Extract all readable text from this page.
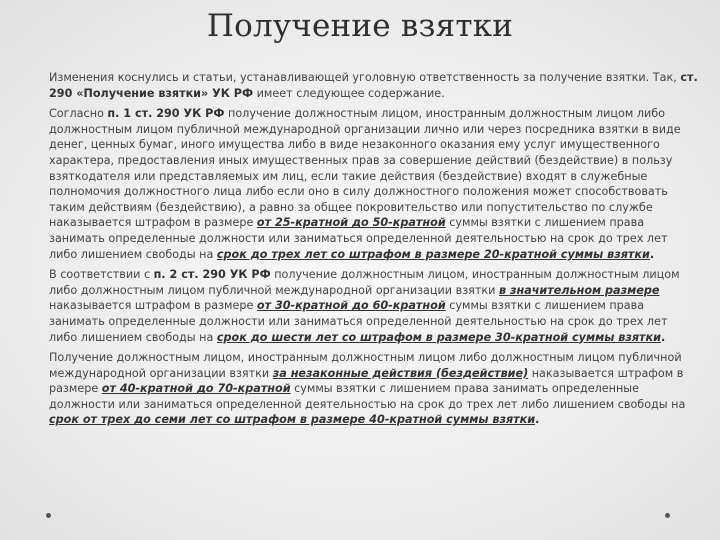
Получение взятки

Изменения коснулись и статьи, устанавливающей уголовную ответственность за получение взятки. Так, ст. 290 «Получение взятки» УК РФ имеет следующее содержание.

Согласно п. 1 ст. 290 УК РФ получение должностным лицом, иностранным должностным лицом либо должностным лицом публичной международной организации лично или через посредника взятки в виде денег, ценных бумаг, иного имущества либо в виде незаконного оказания ему услуг имущественного характера, предоставления иных имущественных прав за совершение действий (бездействие) в пользу взяткодателя или представляемых им лиц, если такие действия (бездействие) входят в служебные полномочия должностного лица либо если оно в силу должностного положения может способствовать таким действиям (бездействию), а равно за общее покровительство или попустительство по службе наказывается штрафом в размере от 25-кратной до 50-кратной суммы взятки с лишением права занимать определенные должности или заниматься определенной деятельностью на срок до трех лет либо лишением свободы на срок до трех лет со штрафом в размере 20-кратной суммы взятки.

В соответствии с п. 2 ст. 290 УК РФ получение должностным лицом, иностранным должностным лицом либо должностным лицом публичной международной организации взятки в значительном размере наказывается штрафом в размере от 30-кратной до 60-кратной суммы взятки с лишением права занимать определенные должности или заниматься определенной деятельностью на срок до трех лет либо лишением свободы на срок до шести лет со штрафом в размере 30-кратной суммы взятки.

Получение должностным лицом, иностранным должностным лицом либо должностным лицом публичной международной организации взятки за незаконные действия (бездействие) наказывается штрафом в размере от 40-кратной до 70-кратной суммы взятки с лишением права занимать определенные должности или заниматься определенной деятельностью на срок до трех лет либо лишением свободы на срок от трех до семи лет со штрафом в размере 40-кратной суммы взятки.
